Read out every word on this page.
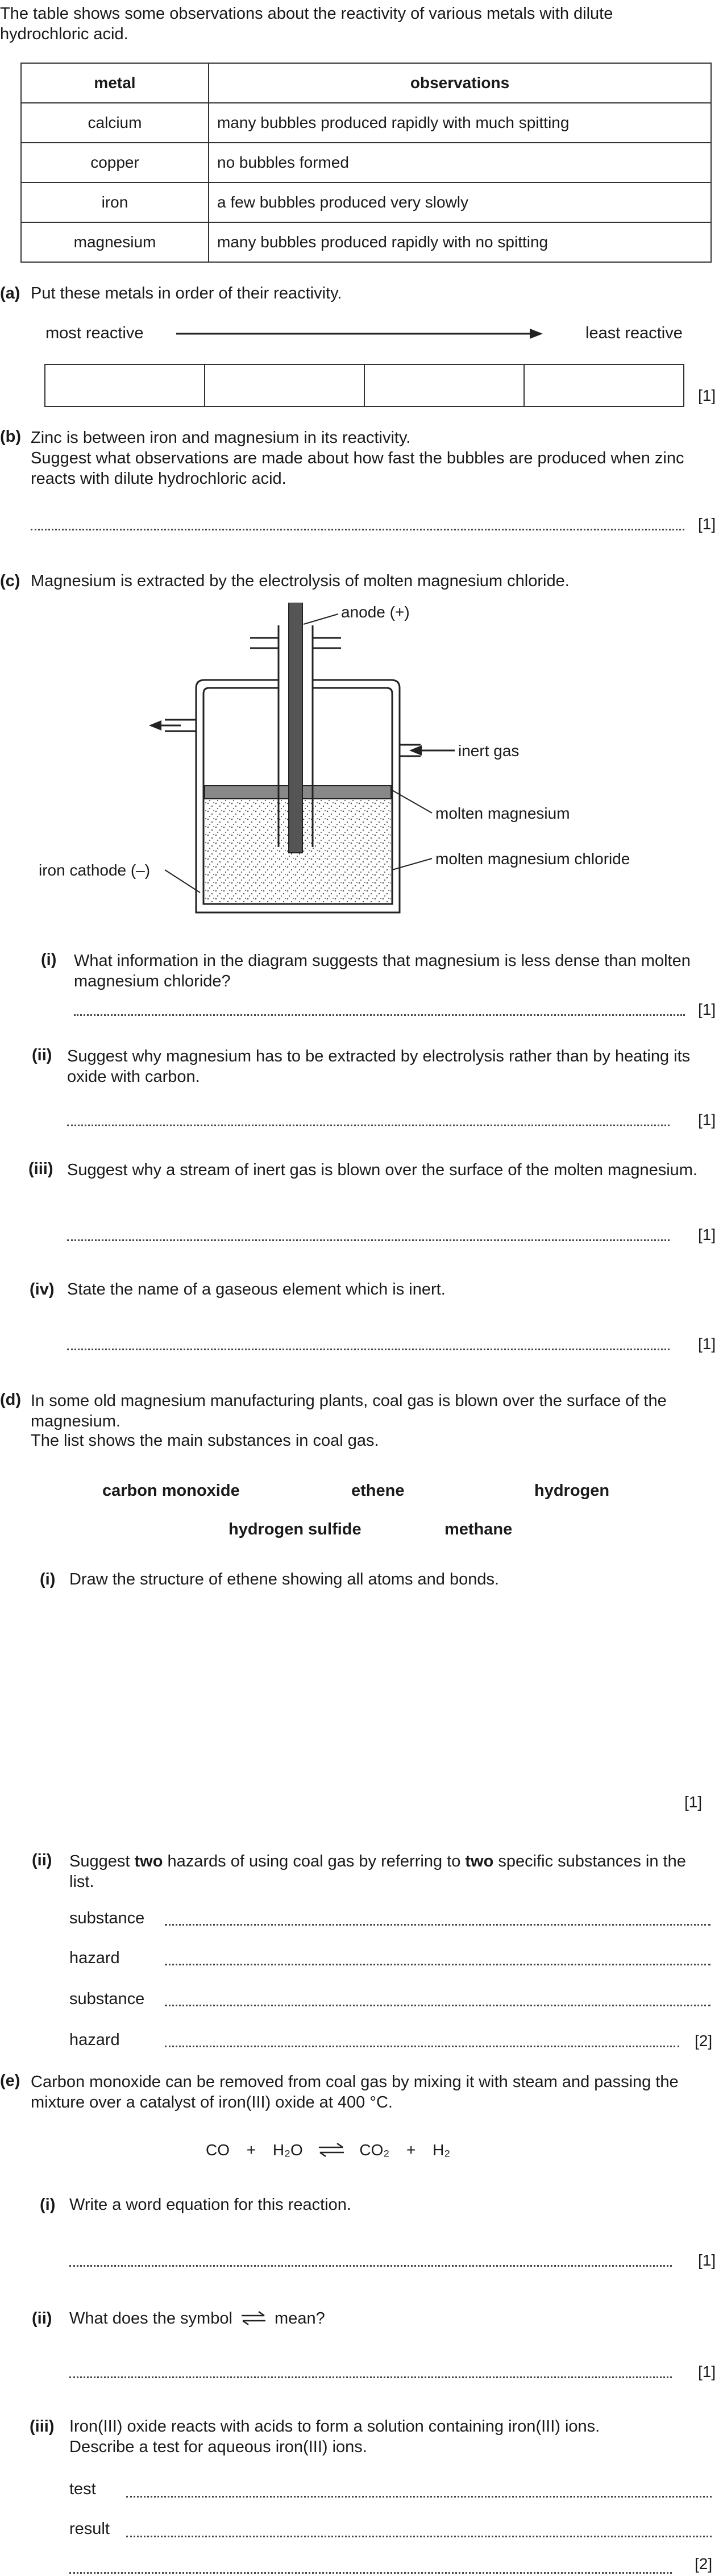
The table shows some observations about the reactivity of various metals with dilute hydrochloric acid.
metal	observations
calcium	many bubbles produced rapidly with much spitting
copper	no bubbles formed
iron	a few bubbles produced very slowly
magnesium	many bubbles produced rapidly with no spitting
(a) Put these metals in order of their reactivity.
most reactive	least reactive
[1]
(b) Zinc is between iron and magnesium in its reactivity.
Suggest what observations are made about how fast the bubbles are produced when zinc reacts with dilute hydrochloric acid.
[1]
(c) Magnesium is extracted by the electrolysis of molten magnesium chloride.
anode (+)
inert gas
molten magnesium
molten magnesium chloride
iron cathode (–)
(i) What information in the diagram suggests that magnesium is less dense than molten magnesium chloride?
[1]
(ii) Suggest why magnesium has to be extracted by electrolysis rather than by heating its oxide with carbon.
[1]
(iii) Suggest why a stream of inert gas is blown over the surface of the molten magnesium.
[1]
(iv) State the name of a gaseous element which is inert.
[1]
(d) In some old magnesium manufacturing plants, coal gas is blown over the surface of the magnesium.
The list shows the main substances in coal gas.
carbon monoxide	ethene	hydrogen
hydrogen sulfide	methane
(i) Draw the structure of ethene showing all atoms and bonds.
[1]
(ii) Suggest two hazards of using coal gas by referring to two specific substances in the list.
substance
hazard
substance
hazard	[2]
(e) Carbon monoxide can be removed from coal gas by mixing it with steam and passing the mixture over a catalyst of iron(III) oxide at 400 °C.
CO + H₂O ⇌ CO₂ + H₂
(i) Write a word equation for this reaction.
[1]
(ii) What does the symbol	mean?
[1]
(iii) Iron(III) oxide reacts with acids to form a solution containing iron(III) ions.
Describe a test for aqueous iron(III) ions.
test
result
[2]
